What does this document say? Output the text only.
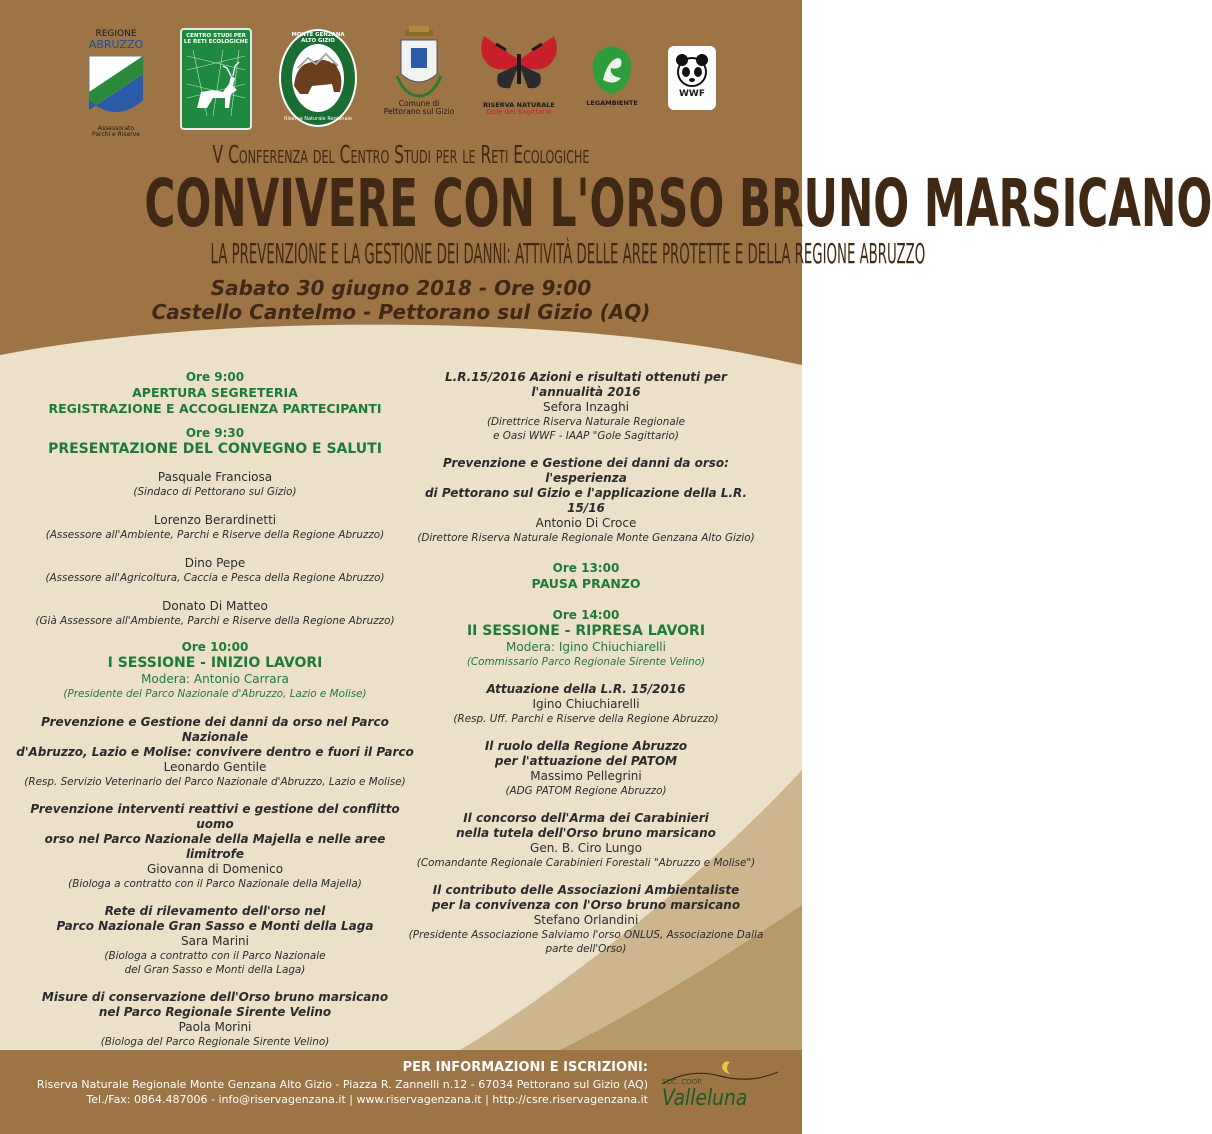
REGIONE
ABRUZZO
Assessorato
Parchi e Riserve
CENTRO STUDI PER
LE RETI ECOLOGICHE
MONTE GENZANA ALTO GIZIO
Riserva Naturale Regionale
Comune di
Pettorano sul Gizio
RISERVA NATURALE
Gole del Sagittario
LEGAMBIENTE
WWF
V Conferenza del Centro Studi per le Reti Ecologiche
CONVIVERE CON L'ORSO BRUNO MARSICANO
LA PREVENZIONE E LA GESTIONE DEI DANNI: ATTIVITÀ DELLE AREE PROTETTE E DELLA REGIONE ABRUZZO
Sabato 30 giugno 2018 - Ore 9:00
Castello Cantelmo - Pettorano sul Gizio (AQ)

Ore 9:00

APERTURA SEGRETERIA

REGISTRAZIONE E ACCOGLIENZA PARTECIPANTI

Ore 9:30

PRESENTAZIONE DEL CONVEGNO E SALUTI

Pasquale Franciosa

(Sindaco di Pettorano sul Gizio)

Lorenzo Berardinetti

(Assessore all'Ambiente, Parchi e Riserve della Regione Abruzzo)

Dino Pepe

(Assessore all'Agricoltura, Caccia e Pesca della Regione Abruzzo)

Donato Di Matteo

(Già Assessore all'Ambiente, Parchi e Riserve della Regione Abruzzo)

Ore 10:00

I SESSIONE - INIZIO LAVORI

Modera: Antonio Carrara

(Presidente del Parco Nazionale d'Abruzzo, Lazio e Molise)

Prevenzione e Gestione dei danni da orso nel Parco Nazionale

d'Abruzzo, Lazio e Molise: convivere dentro e fuori il Parco

Leonardo Gentile

(Resp. Servizio Veterinario del Parco Nazionale d'Abruzzo, Lazio e Molise)

Prevenzione interventi reattivi e gestione del conflitto uomo

orso nel Parco Nazionale della Majella e nelle aree limitrofe

Giovanna di Domenico

(Biologa a contratto con il Parco Nazionale della Majella)

Rete di rilevamento dell'orso nel

Parco Nazionale Gran Sasso e Monti della Laga

Sara Marini

(Biologa a contratto con il Parco Nazionale

del Gran Sasso e Monti della Laga)

Misure di conservazione dell'Orso bruno marsicano

nel Parco Regionale Sirente Velino

Paola Morini

(Biologa del Parco Regionale Sirente Velino)

L.R.15/2016 Azioni e risultati ottenuti per l'annualità 2016

Sefora Inzaghi

(Direttrice Riserva Naturale Regionale

e Oasi WWF - IAAP "Gole Sagittario)

Prevenzione e Gestione dei danni da orso: l'esperienza

di Pettorano sul Gizio e l'applicazione della L.R. 15/16

Antonio Di Croce

(Direttore Riserva Naturale Regionale Monte Genzana Alto Gizio)

Ore 13:00

PAUSA PRANZO

Ore 14:00

II SESSIONE - RIPRESA LAVORI

Modera: Igino Chiuchiarelli

(Commissario Parco Regionale Sirente Velino)

Attuazione della L.R. 15/2016

Igino Chiuchiarelli

(Resp. Uff. Parchi e Riserve della Regione Abruzzo)

Il ruolo della Regione Abruzzo

per l'attuazione del PATOM

Massimo Pellegrini

(ADG PATOM Regione Abruzzo)

Il concorso dell'Arma dei Carabinieri

nella tutela dell'Orso bruno marsicano

Gen. B. Ciro Lungo

(Comandante Regionale Carabinieri Forestali "Abruzzo e Molise")

Il contributo delle Associazioni Ambientaliste

per la convivenza con l'Orso bruno marsicano

Stefano Orlandini

(Presidente Associazione Salviamo l'orso ONLUS, Associazione Dalla

parte dell'Orso)

PER INFORMAZIONI E ISCRIZIONI:
Riserva Naturale Regionale Monte Genzana Alto Gizio - Piazza R. Zannelli n.12 - 67034 Pettorano sul Gizio (AQ)
Tel./Fax: 0864.487006 - info@riservagenzana.it | www.riservagenzana.it | http://csre.riservagenzana.it
SOC. COOP.
Valleluna
